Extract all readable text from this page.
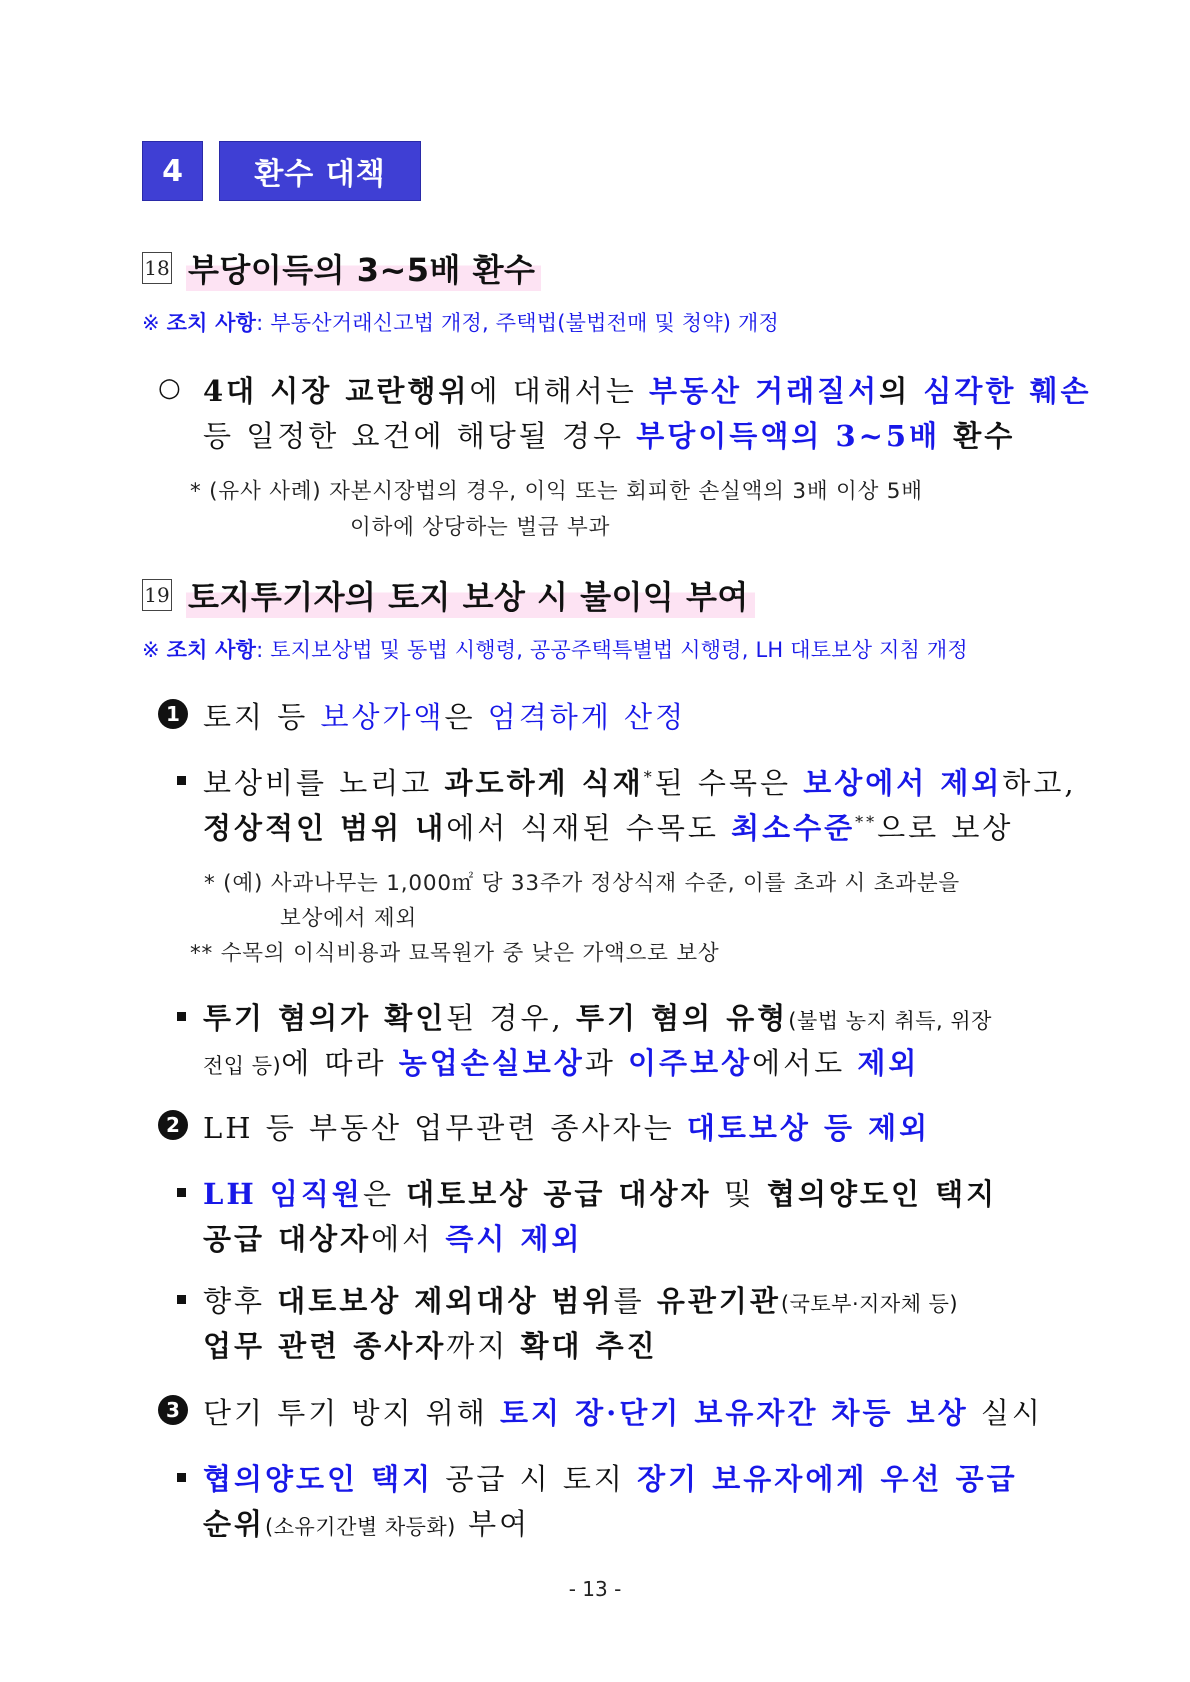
4	환수 대책
18 부당이득의 3~5배 환수
※ 조치 사항: 부동산거래신고법 개정, 주택법(불법전매 및 청약) 개정
○ 4대 시장 교란행위에 대해서는 부동산 거래질서의 심각한 훼손
등 일정한 요건에 해당될 경우 부당이득액의 3~5배 환수
* (유사 사례) 자본시장법의 경우, 이익 또는 회피한 손실액의 3배 이상 5배
이하에 상당하는 벌금 부과
19 토지투기자의 토지 보상 시 불이익 부여
※ 조치 사항: 토지보상법 및 동법 시행령, 공공주택특별법 시행령, LH 대토보상 지침 개정
1 토지 등 보상가액은 엄격하게 산정
보상비를 노리고 과도하게 식재*된 수목은 보상에서 제외하고,
정상적인 범위 내에서 식재된 수목도 최소수준**으로 보상
* (예) 사과나무는 1,000㎡ 당 33주가 정상식재 수준, 이를 초과 시 초과분을
보상에서 제외
** 수목의 이식비용과 묘목원가 중 낮은 가액으로 보상
투기 혐의가 확인된 경우, 투기 혐의 유형(불법 농지 취득, 위장
전입 등)에 따라 농업손실보상과 이주보상에서도 제외
2 LH 등 부동산 업무관련 종사자는 대토보상 등 제외
LH 임직원은 대토보상 공급 대상자 및 협의양도인 택지
공급 대상자에서 즉시 제외
향후 대토보상 제외대상 범위를 유관기관(국토부·지자체 등)
업무 관련 종사자까지 확대 추진
3 단기 투기 방지 위해 토지 장·단기 보유자간 차등 보상 실시
협의양도인 택지 공급 시 토지 장기 보유자에게 우선 공급
순위(소유기간별 차등화) 부여
- 13 -
